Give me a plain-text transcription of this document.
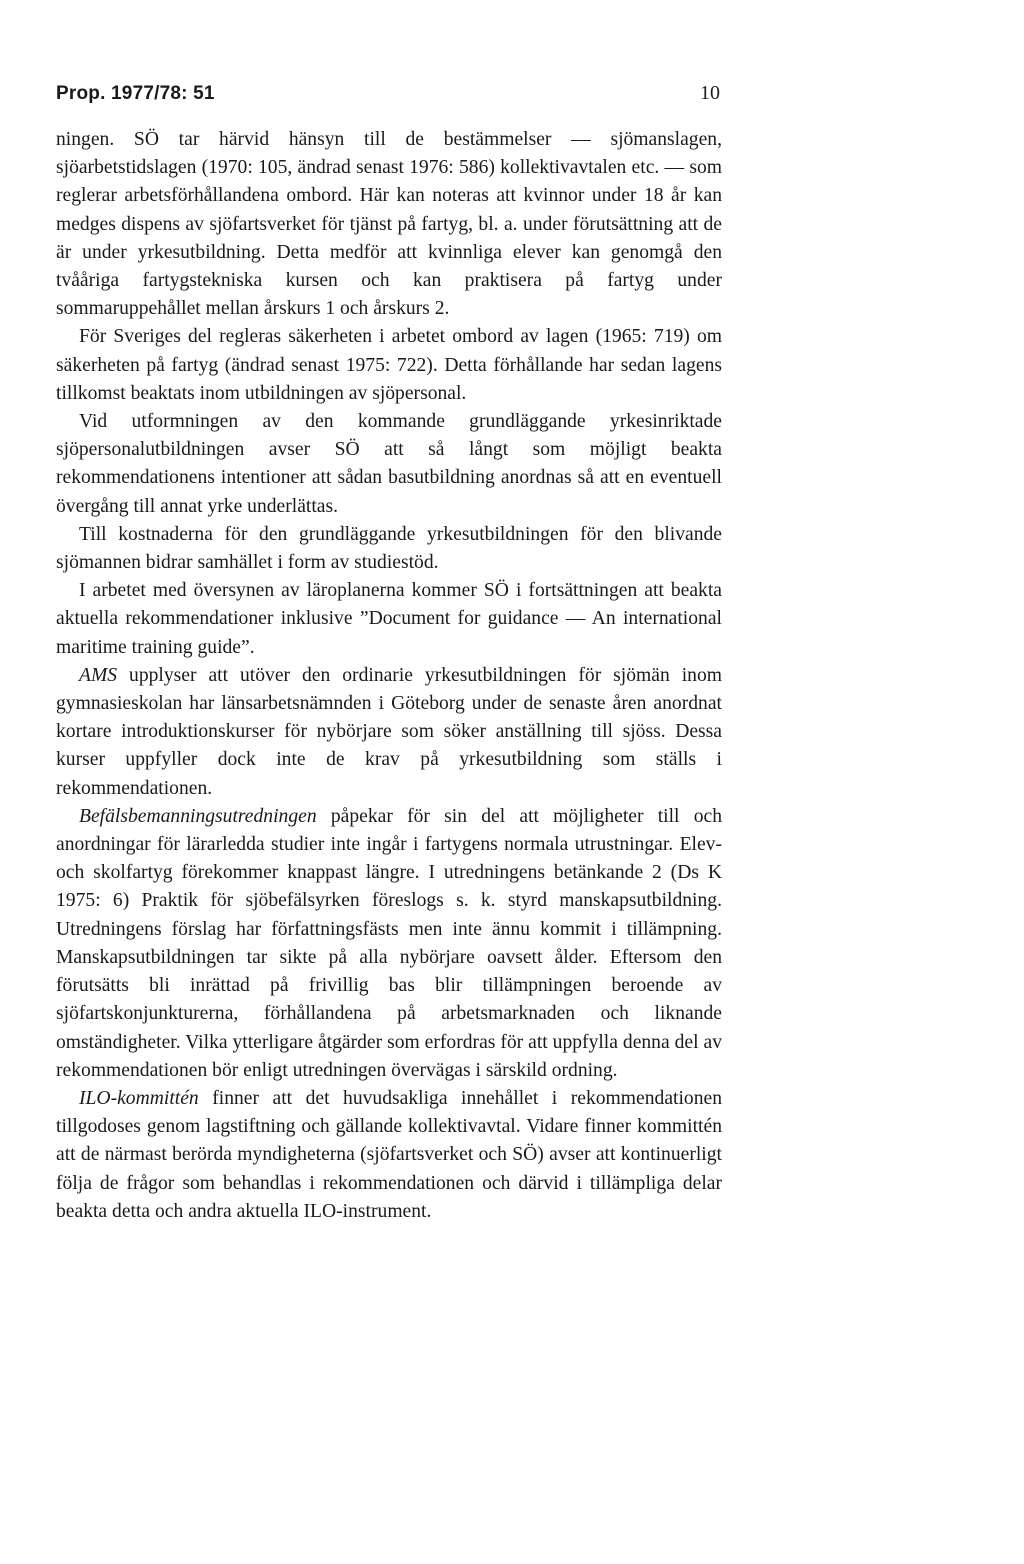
Prop. 1977/78: 51	10

ningen. SÖ tar härvid hänsyn till de bestämmelser — sjömanslagen, sjöarbetstidslagen (1970: 105, ändrad senast 1976: 586) kollektivavtalen etc. — som reglerar arbetsförhållandena ombord. Här kan noteras att kvinnor under 18 år kan medges dispens av sjöfartsverket för tjänst på fartyg, bl. a. under förutsättning att de är under yrkesutbildning. Detta medför att kvinnliga elever kan genomgå den tvååriga fartygstekniska kursen och kan praktisera på fartyg under sommaruppehållet mellan årskurs 1 och årskurs 2.

För Sveriges del regleras säkerheten i arbetet ombord av lagen (1965: 719) om säkerheten på fartyg (ändrad senast 1975: 722). Detta förhållande har sedan lagens tillkomst beaktats inom utbildningen av sjöpersonal.

Vid utformningen av den kommande grundläggande yrkesinriktade sjöpersonalutbildningen avser SÖ att så långt som möjligt beakta rekommendationens intentioner att sådan basutbildning anordnas så att en eventuell övergång till annat yrke underlättas.

Till kostnaderna för den grundläggande yrkesutbildningen för den blivande sjömannen bidrar samhället i form av studiestöd.

I arbetet med översynen av läroplanerna kommer SÖ i fortsättningen att beakta aktuella rekommendationer inklusive ”Document for guidance — An international maritime training guide”.

AMS upplyser att utöver den ordinarie yrkesutbildningen för sjömän inom gymnasieskolan har länsarbetsnämnden i Göteborg under de senaste åren anordnat kortare introduktionskurser för nybörjare som söker anställning till sjöss. Dessa kurser uppfyller dock inte de krav på yrkesutbildning som ställs i rekommendationen.

Befälsbemanningsutredningen påpekar för sin del att möjligheter till och anordningar för lärarledda studier inte ingår i fartygens normala utrustningar. Elev- och skolfartyg förekommer knappast längre. I utredningens betänkande 2 (Ds K 1975: 6) Praktik för sjöbefälsyrken föreslogs s. k. styrd manskapsutbildning. Utredningens förslag har författningsfästs men inte ännu kommit i tillämpning. Manskapsutbildningen tar sikte på alla nybörjare oavsett ålder. Eftersom den förutsätts bli inrättad på frivillig bas blir tillämpningen beroende av sjöfartskonjunkturerna, förhållandena på arbetsmarknaden och liknande omständigheter. Vilka ytterligare åtgärder som erfordras för att uppfylla denna del av rekommendationen bör enligt utredningen övervägas i särskild ordning.

ILO-kommittén finner att det huvudsakliga innehållet i rekommendationen tillgodoses genom lagstiftning och gällande kollektivavtal. Vidare finner kommittén att de närmast berörda myndigheterna (sjöfartsverket och SÖ) avser att kontinuerligt följa de frågor som behandlas i rekommendationen och därvid i tillämpliga delar beakta detta och andra aktuella ILO-instrument.
